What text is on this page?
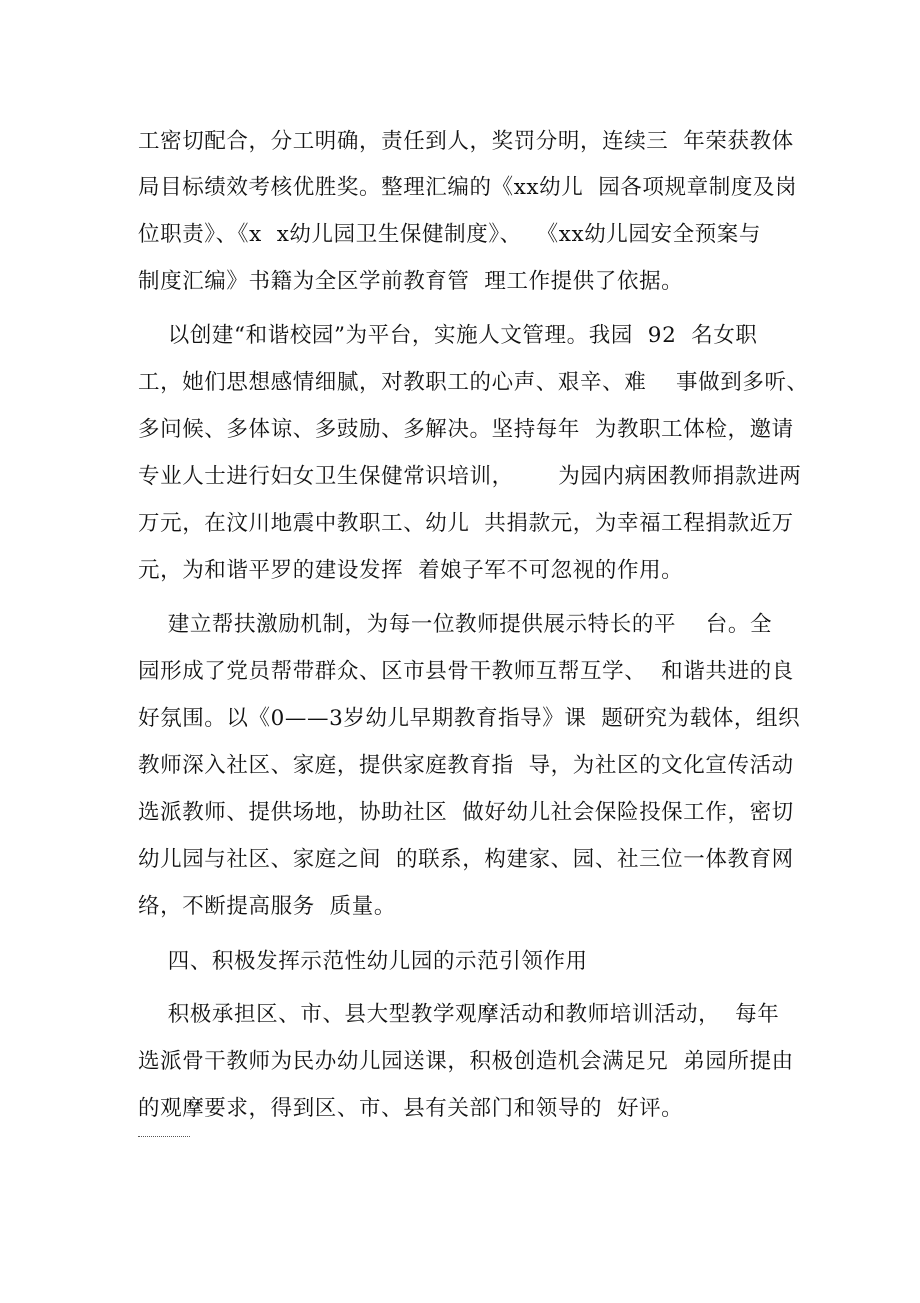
工密切配合，分工明确，责任到人，奖罚分明，连续三  年荣获教体
局目标绩效考核优胜奖。整理汇编的《xx幼儿  园各项规章制度及岗
位职责》、《x  x幼儿园卫生保健制度》、  《xx幼儿园安全预案与
制度汇编》书籍为全区学前教育管  理工作提供了依据。
以创建“和谐校园”为平台，实施人文管理。我园  92  名女职
工，她们思想感情细腻，对教职工的心声、艰辛、难    事做到多听、
多问候、多体谅、多豉励、多解决。坚持每年  为教职工体检，邀请
专业人士进行妇女卫生保健常识培训，      为园内病困教师捐款进两
万元，在汶川地震中教职工、幼儿  共捐款元，为幸福工程捐款近万
元，为和谐平罗的建设发挥  着娘子军不可忽视的作用。
建立帮扶激励机制，为每一位教师提供展示特长的平    台。全
园形成了党员帮带群众、区市县骨干教师互帮互学、  和谐共进的良
好氛围。以《0——3岁幼儿早期教育指导》课  题研究为载体，组织
教师深入社区、家庭，提供家庭教育指  导，为社区的文化宣传活动
选派教师、提供场地，协助社区  做好幼儿社会保险投保工作，密切
幼儿园与社区、家庭之间  的联系，构建家、园、社三位一体教育网
络，不断提高服务  质量。
四、积极发挥示范性幼儿园的示范引领作用
积极承担区、市、县大型教学观摩活动和教师培训活动，  每年
选派骨干教师为民办幼儿园送课，积极创造机会满足兄  弟园所提由
的观摩要求，得到区、市、县有关部门和领导的  好评。
